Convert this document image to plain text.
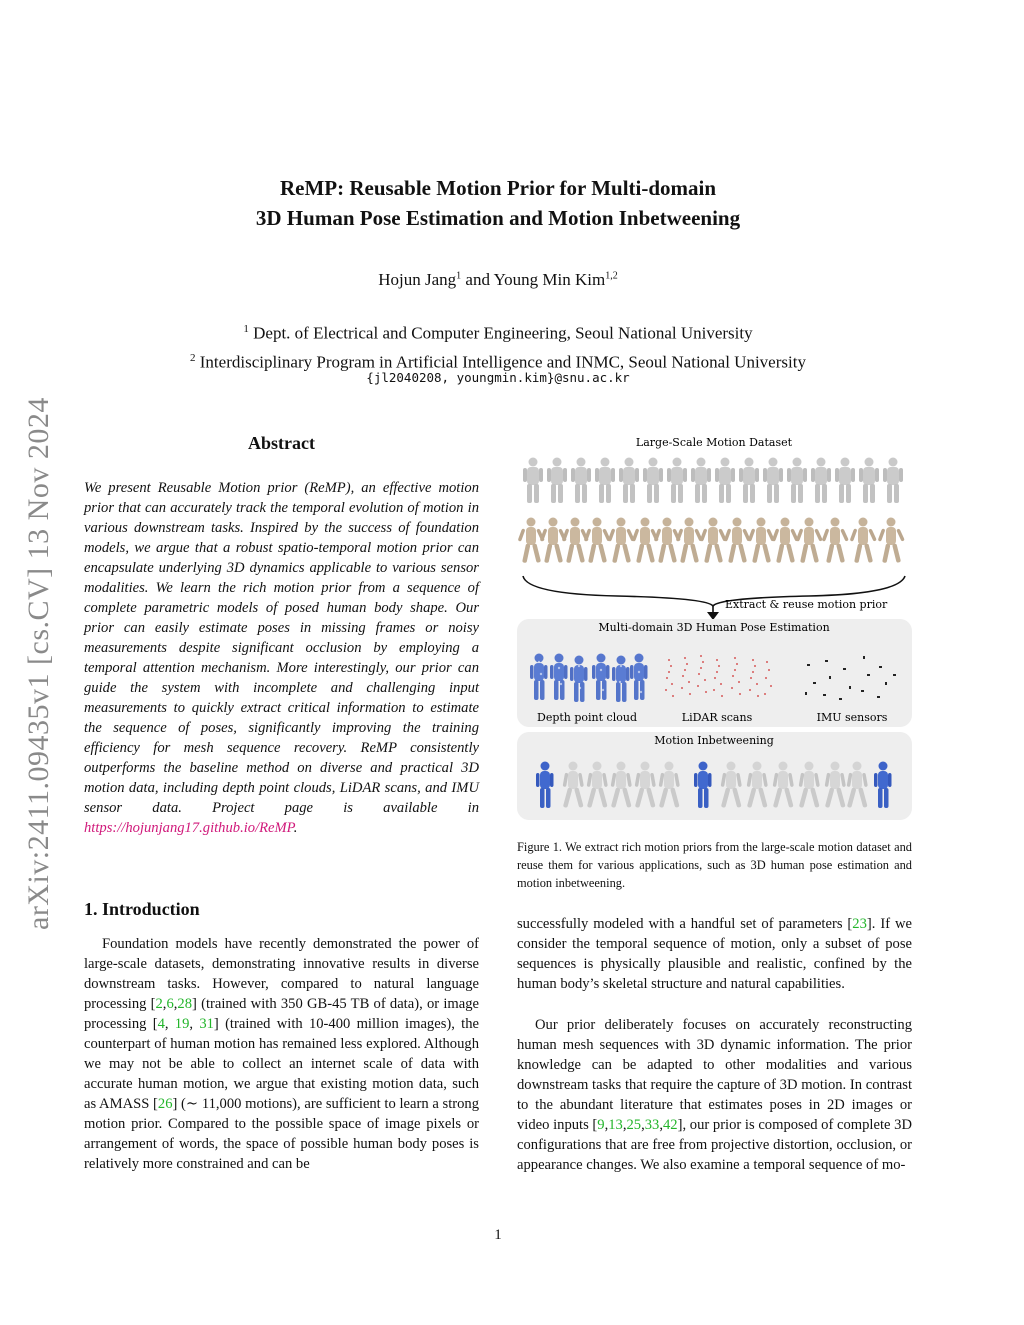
arXiv:2411.09435v1 [cs.CV] 13 Nov 2024
ReMP: Reusable Motion Prior for Multi-domain
3D Human Pose Estimation and Motion Inbetweening
Hojun Jang$^1$ and Young Min Kim$^{1,2}$
$^1$ Dept. of Electrical and Computer Engineering, Seoul National University
$^2$ Interdisciplinary Program in Artificial Intelligence and INMC, Seoul National University
{jl2040208, youngmin.kim}@snu.ac.kr
Abstract
We present Reusable Motion prior (ReMP), an effective motion prior that can accurately track the temporal evolution of motion in various downstream tasks. Inspired by the success of foundation models, we argue that a robust spatio-temporal motion prior can encapsulate underlying 3D dynamics applicable to various sensor modalities. We learn the rich motion prior from a sequence of complete parametric models of posed human body shape. Our prior can easily estimate poses in missing frames or noisy measurements despite significant occlusion by employing a temporal attention mechanism. More interestingly, our prior can guide the system with incomplete and challenging input measurements to quickly extract critical information to estimate the sequence of poses, significantly improving the training efficiency for mesh sequence recovery. ReMP consistently outperforms the baseline method on diverse and practical 3D motion data, including depth point clouds, LiDAR scans, and IMU sensor data. Project page is available in https://hojunjang17.github.io/ReMP.
1. Introduction
Foundation models have recently demonstrated the power of large-scale datasets, demonstrating innovative results in diverse downstream tasks. However, compared to natural language processing [2,6,28] (trained with 350 GB-45 TB of data), or image processing [4, 19, 31] (trained with 10-400 million images), the counterpart of human motion has remained less explored. Although we may not be able to collect an internet scale of data with accurate human motion, we argue that existing motion data, such as AMASS [26] (∼ 11,000 motions), are sufficient to learn a strong motion prior. Compared to the possible space of image pixels or arrangement of words, the space of possible human body poses is relatively more constrained and can be
successfully modeled with a handful set of parameters [23]. If we consider the temporal sequence of motion, only a subset of pose sequences is physically plausible and realistic, confined by the human body’s skeletal structure and natural capabilities.
Our prior deliberately focuses on accurately reconstructing human mesh sequences with 3D dynamic information. The prior knowledge can be adapted to other modalities and various downstream tasks that require the capture of 3D motion. In contrast to the abundant literature that estimates poses in 2D images or video inputs [9,13,25,33,42], our prior is composed of complete 3D configurations that are free from projective distortion, occlusion, or appearance changes. We also examine a temporal sequence of mo-
Large-Scale Motion Dataset
Extract & reuse motion prior
Multi-domain 3D Human Pose Estimation
Depth point cloud	LiDAR scans	IMU sensors
Motion Inbetweening
Figure 1. We extract rich motion priors from the large-scale motion dataset and reuse them for various applications, such as 3D human pose estimation and motion inbetweening.
1
